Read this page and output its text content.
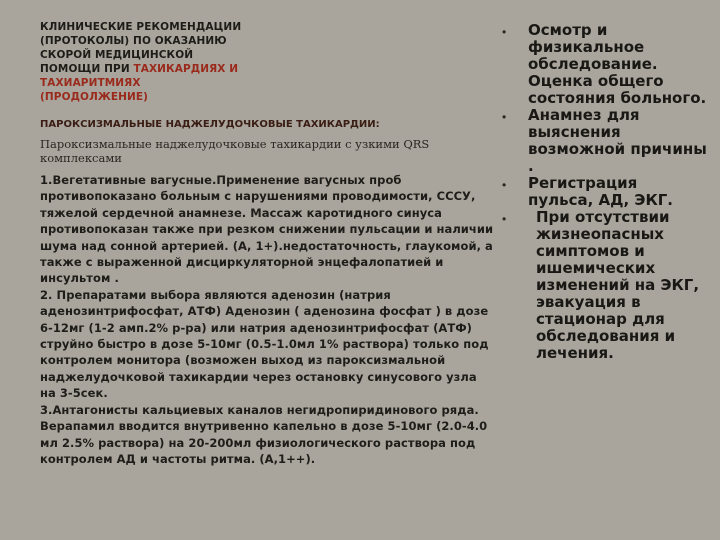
КЛИНИЧЕСКИЕ РЕКОМЕНДАЦИИ
(ПРОТОКОЛЫ) ПО ОКАЗАНИЮ
СКОРОЙ МЕДИЦИНСКОЙ
ПОМОЩИ ПРИ ТАХИКАРДИЯХ И
ТАХИАРИТМИЯХ
(ПРОДОЛЖЕНИЕ)
ПАРОКСИЗМАЛЬНЫЕ НАДЖЕЛУДОЧКОВЫЕ ТАХИКАРДИИ:
Пароксизмальные наджелудочковые тахикардии с узкими QRS комплексами

1.Вегетативные вагусные.Применение вагусных проб противопоказано больным с нарушениями проводимости, СССУ, тяжелой сердечной анамнезе. Массаж каротидного синуса противопоказан также при резком снижении пульсации и наличии шума над сонной артерией. (А, 1+).недостаточность, глаукомой, а также с выраженной дисциркуляторной энцефалопатией и инсультом .

2. Препаратами выбора являются аденозин (натрия аденозинтрифосфат, АТФ) Аденозин ( аденозина фосфат ) в дозе 6-12мг (1-2 амп.2% р-ра) или натрия аденозинтрифосфат (АТФ) струйно быстро в дозе 5-10мг (0.5-1.0мл 1% раствора) только под контролем монитора (возможен выход из пароксизмальной наджелудочковой тахикардии через остановку синусового узла на 3-5сек.

3.Антагонисты кальциевых каналов негидропиридинового ряда. Верапамил вводится внутривенно капельно в дозе 5-10мг (2.0-4.0 мл 2.5% раствора) на 20-200мл физиологического раствора под контролем АД и частоты ритма. (А,1++).

• Осмотр и физикальное обследование. Оценка общего состояния больного.
• Анамнез для выяснения возможной причины .
• Регистрация пульса, АД, ЭКГ.
•	При отсутствии жизнеопасных симптомов и ишемических изменений на ЭКГ, эвакуация в стационар для обследования и лечения.
